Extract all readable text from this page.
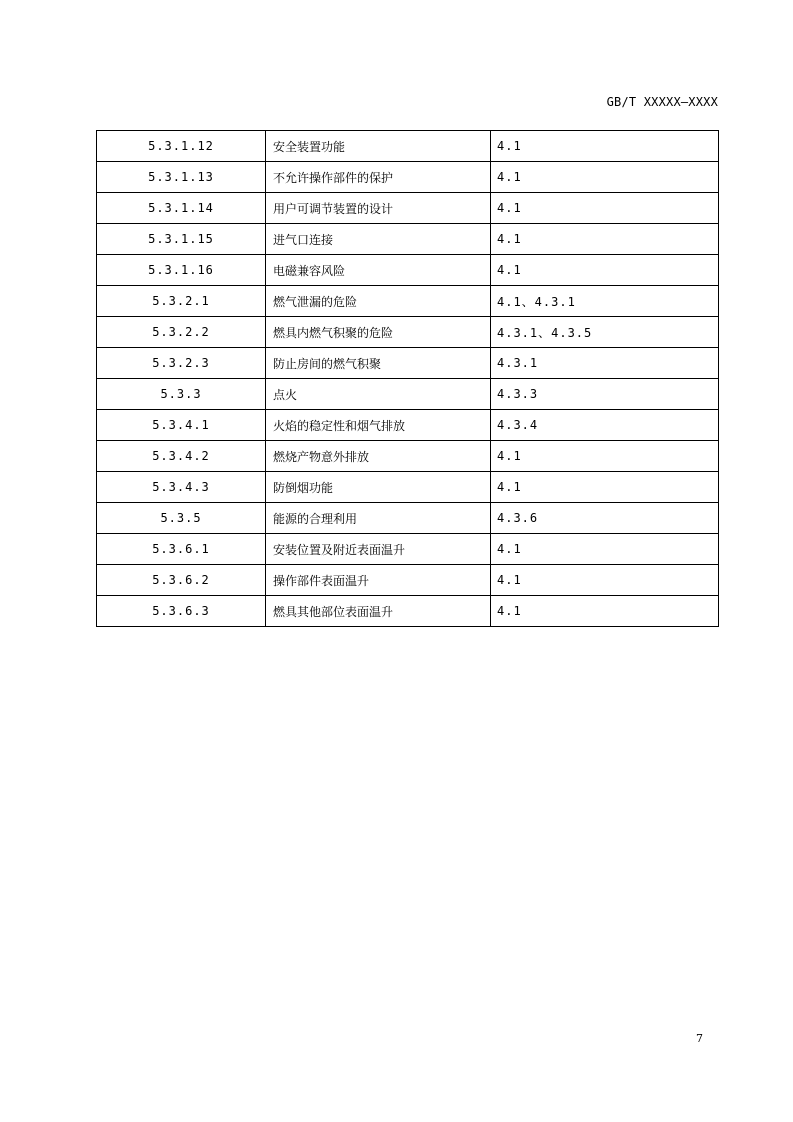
GB/T XXXXX—XXXX
5.3.1.12	安全装置功能	4.1
5.3.1.13	不允许操作部件的保护	4.1
5.3.1.14	用户可调节装置的设计	4.1
5.3.1.15	进气口连接	4.1
5.3.1.16	电磁兼容风险	4.1
5.3.2.1	燃气泄漏的危险	4.1、4.3.1
5.3.2.2	燃具内燃气积聚的危险	4.3.1、4.3.5
5.3.2.3	防止房间的燃气积聚	4.3.1
5.3.3	点火	4.3.3
5.3.4.1	火焰的稳定性和烟气排放	4.3.4
5.3.4.2	燃烧产物意外排放	4.1
5.3.4.3	防倒烟功能	4.1
5.3.5	能源的合理利用	4.3.6
5.3.6.1	安装位置及附近表面温升	4.1
5.3.6.2	操作部件表面温升	4.1
5.3.6.3	燃具其他部位表面温升	4.1
7
